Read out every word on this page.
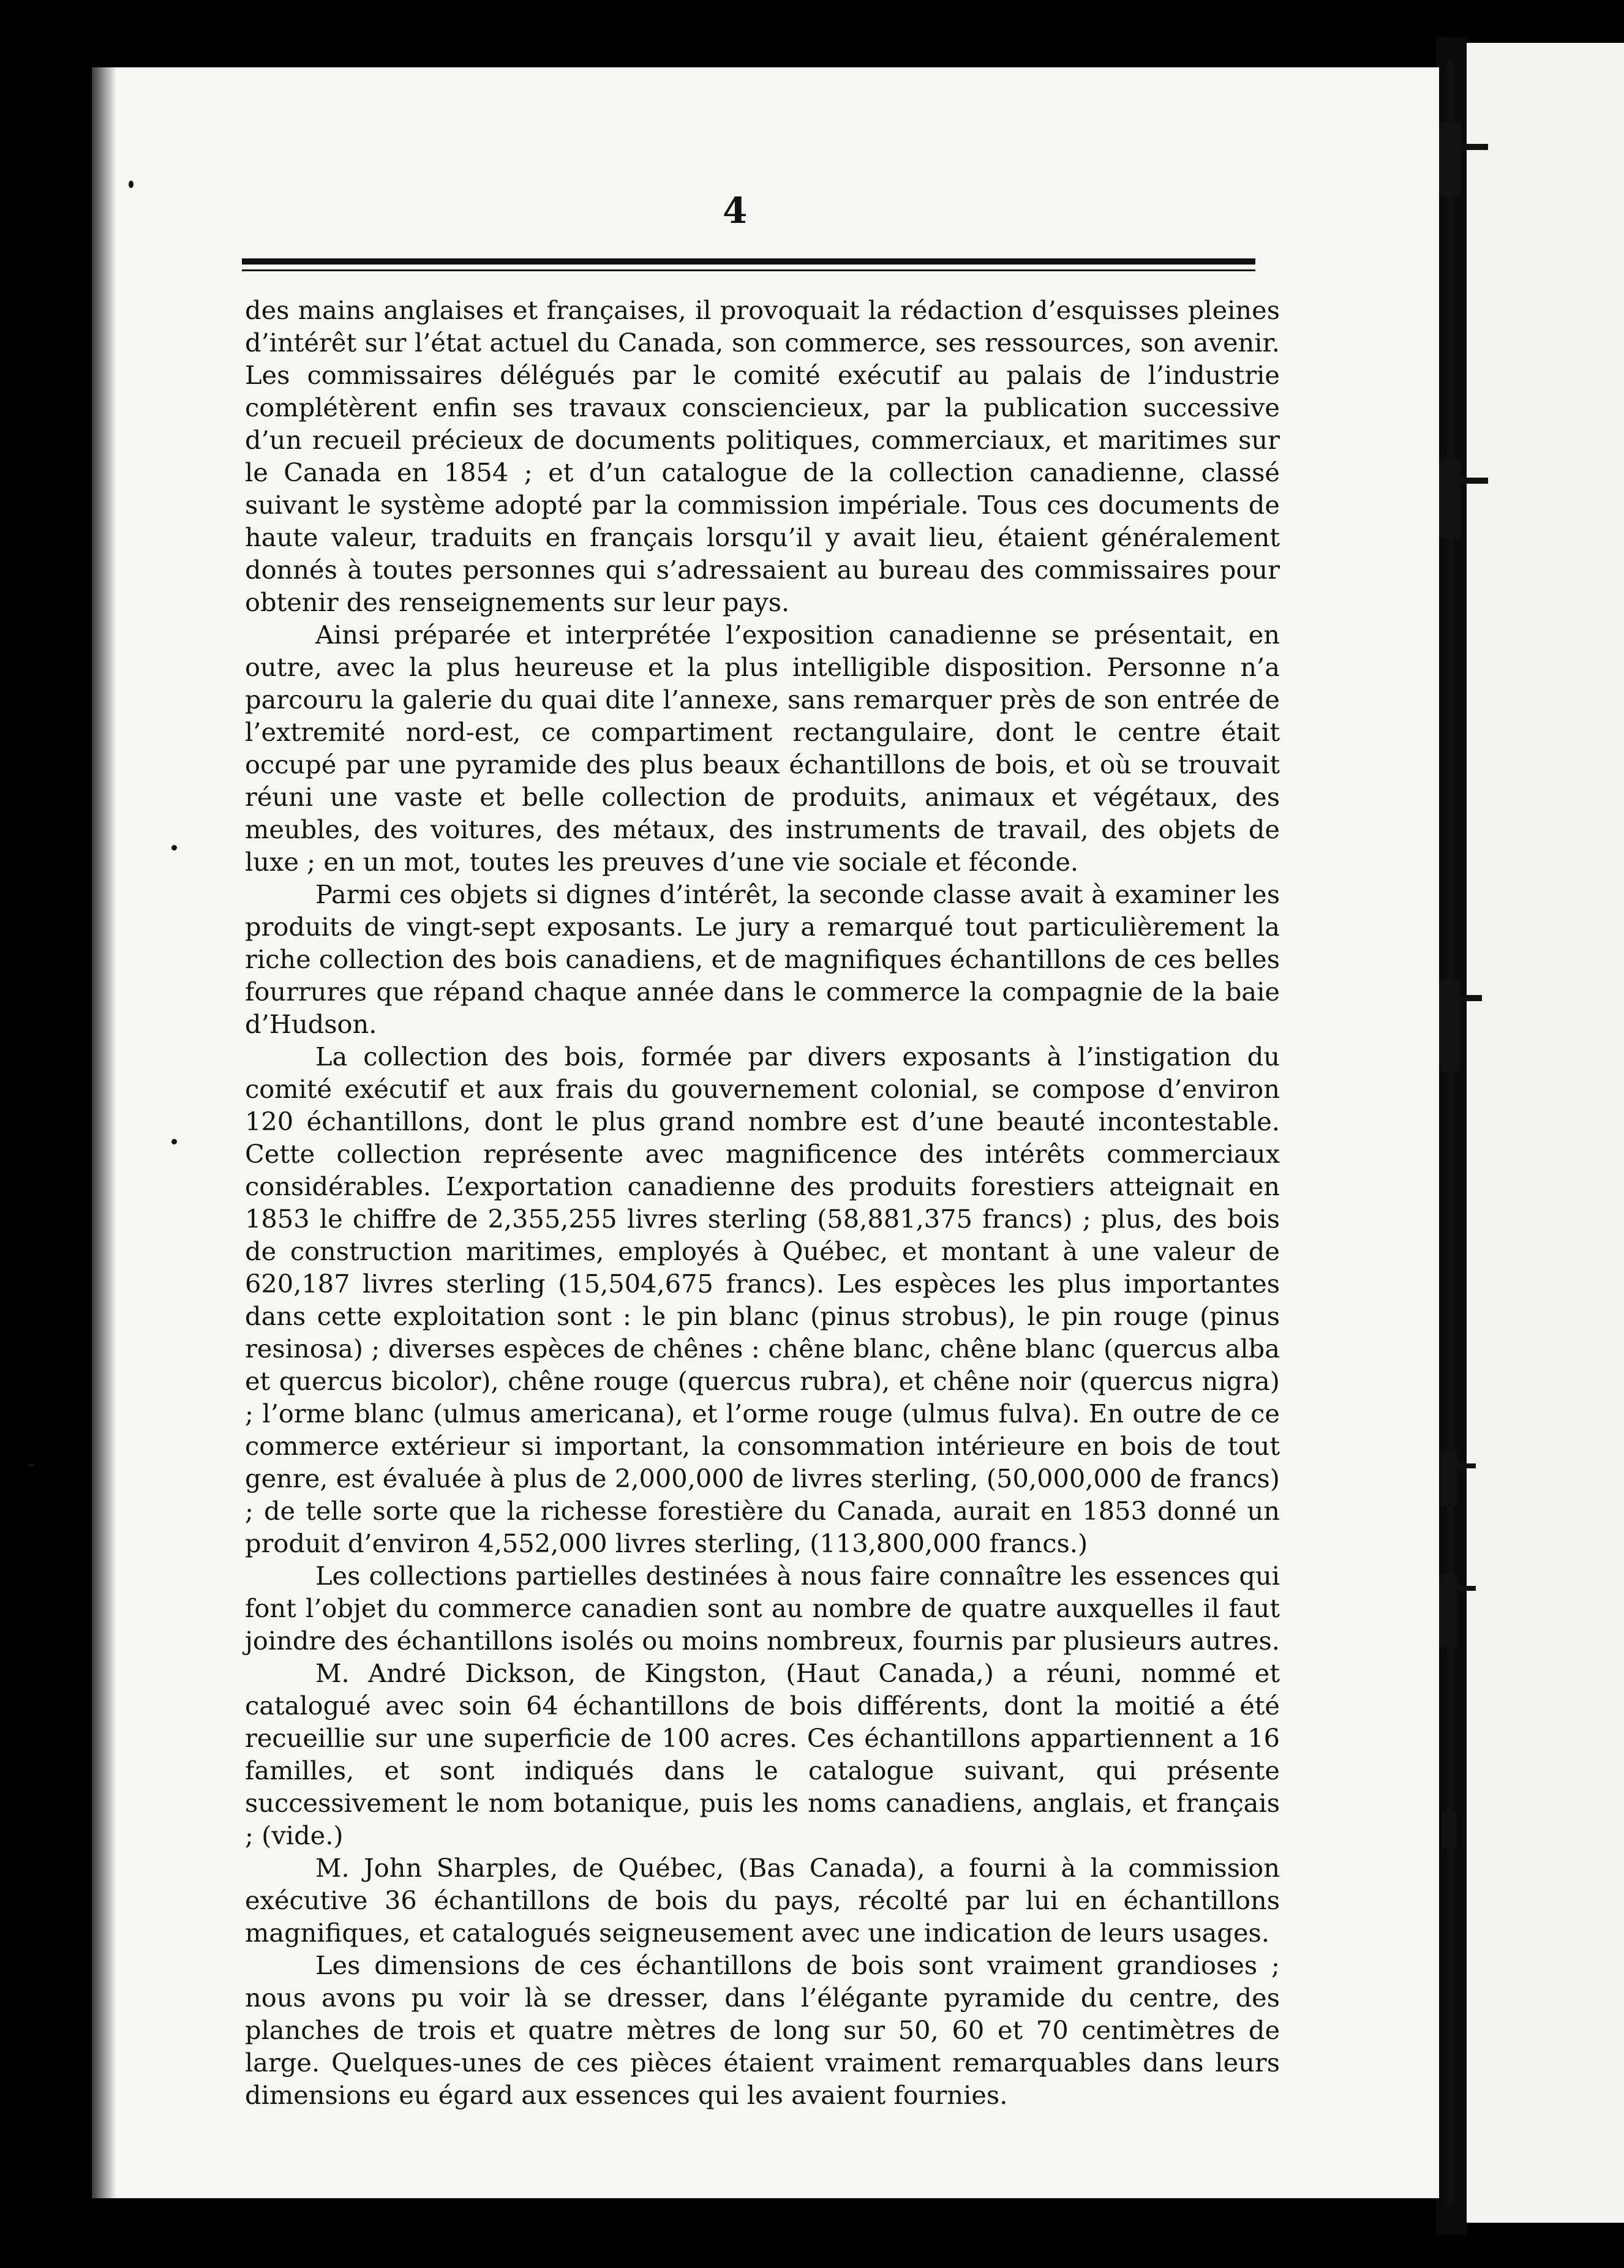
4

des mains anglaises et françaises, il provoquait la rédaction d’esquisses pleines d’intérêt sur l’état actuel du Canada, son commerce, ses ressources, son avenir. Les commissaires délégués par le comité exécutif au palais de l’industrie complétèrent enfin ses travaux consciencieux, par la publication successive d’un recueil précieux de documents politiques, commerciaux, et maritimes sur le Canada en 1854 ; et d’un catalogue de la collection canadienne, classé suivant le système adopté par la commission impériale. Tous ces documents de haute valeur, traduits en français lorsqu’il y avait lieu, étaient généralement donnés à toutes personnes qui s’adressaient au bureau des commissaires pour obtenir des renseignements sur leur pays.

Ainsi préparée et interprétée l’exposition canadienne se présentait, en outre, avec la plus heureuse et la plus intelligible disposition. Personne n’a parcouru la galerie du quai dite l’annexe, sans remarquer près de son entrée de l’extremité nord-est, ce compartiment rectangulaire, dont le centre était occupé par une pyramide des plus beaux échantillons de bois, et où se trouvait réuni une vaste et belle collection de produits, animaux et végétaux, des meubles, des voitures, des métaux, des instruments de travail, des objets de luxe ; en un mot, toutes les preuves d’une vie sociale et féconde.

Parmi ces objets si dignes d’intérêt, la seconde classe avait à examiner les produits de vingt-sept exposants. Le jury a remarqué tout particulièrement la riche collection des bois canadiens, et de magnifiques échantillons de ces belles fourrures que répand chaque année dans le commerce la compagnie de la baie d’Hudson.

La collection des bois, formée par divers exposants à l’instigation du comité exécutif et aux frais du gouvernement colonial, se compose d’environ 120 échantillons, dont le plus grand nombre est d’une beauté incontestable. Cette collection représente avec magnificence des intérêts commerciaux considérables. L’exportation canadienne des produits forestiers atteignait en 1853 le chiffre de 2,355,255 livres sterling (58,881,375 francs) ; plus, des bois de construction maritimes, employés à Québec, et montant à une valeur de 620,187 livres sterling (15,504,675 francs). Les espèces les plus importantes dans cette exploitation sont : le pin blanc (pinus strobus), le pin rouge (pinus resinosa) ; diverses espèces de chênes : chêne blanc, chêne blanc (quercus alba et quercus bicolor), chêne rouge (quercus rubra), et chêne noir (quercus nigra) ; l’orme blanc (ulmus americana), et l’orme rouge (ulmus fulva). En outre de ce commerce extérieur si important, la consommation intérieure en bois de tout genre, est évaluée à plus de 2,000,000 de livres sterling, (50,000,000 de francs) ; de telle sorte que la richesse forestière du Canada, aurait en 1853 donné un produit d’environ 4,552,000 livres sterling, (113,800,000 francs.)

Les collections partielles destinées à nous faire connaître les essences qui font l’objet du commerce canadien sont au nombre de quatre auxquelles il faut joindre des échantillons isolés ou moins nombreux, fournis par plusieurs autres.

M. André Dickson, de Kingston, (Haut Canada,) a réuni, nommé et catalogué avec soin 64 échantillons de bois différents, dont la moitié a été recueillie sur une superficie de 100 acres. Ces échantillons appartiennent a 16 familles, et sont indiqués dans le catalogue suivant, qui présente successivement le nom botanique, puis les noms canadiens, anglais, et français ; (vide.)

M. John Sharples, de Québec, (Bas Canada), a fourni à la commission exécutive 36 échantillons de bois du pays, récolté par lui en échantillons magnifiques, et catalogués seigneusement avec une indication de leurs usages.

Les dimensions de ces échantillons de bois sont vraiment grandioses ; nous avons pu voir là se dresser, dans l’élégante pyramide du centre, des planches de trois et quatre mètres de long sur 50, 60 et 70 centimètres de large. Quelques-unes de ces pièces étaient vraiment remarquables dans leurs dimensions eu égard aux essences qui les avaient fournies.
